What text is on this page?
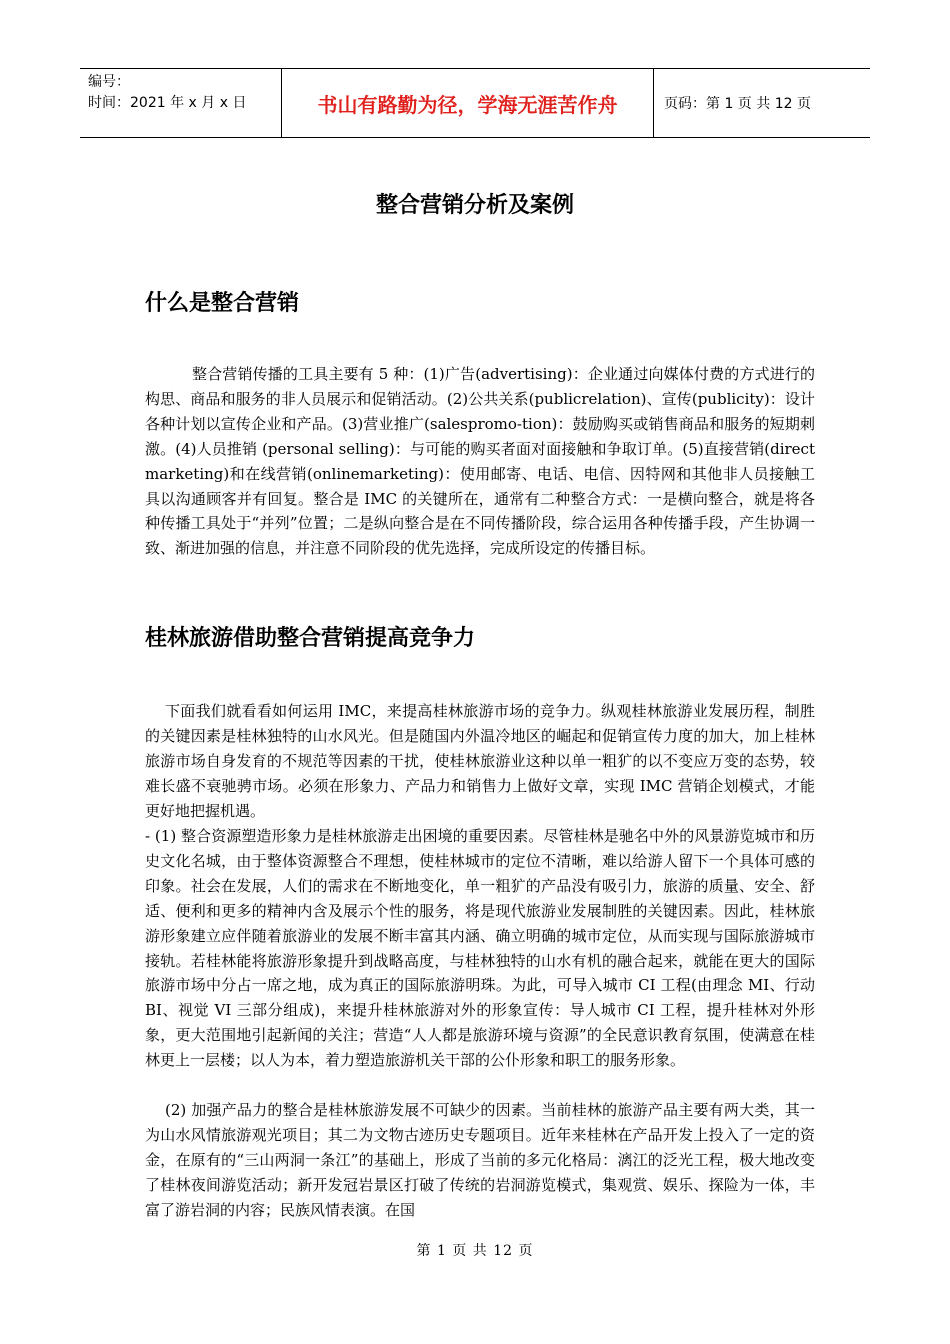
编号：
时间：2021 年 x 月 x 日	书山有路勤为径，学海无涯苦作舟	页码：第 1 页 共 12 页
整合营销分析及案例
什么是整合营销
整合营销传播的工具主要有 5 种：(1)广告(advertising)：企业通过向媒体付费的方式进行的构思、商品和服务的非人员展示和促销活动。(2)公共关系(publicrelation)、宣传(publicity)：设计各种计划以宣传企业和产品。(3)营业推广(salespromo-tion)：鼓励购买或销售商品和服务的短期刺激。(4)人员推销 (personal selling)：与可能的购买者面对面接触和争取订单。(5)直接营销(direct marketing)和在线营销(onlinemarketing)：使用邮寄、电话、电信、因特网和其他非人员接触工具以沟通顾客并有回复。整合是 IMC 的关键所在，通常有二种整合方式：一是横向整合，就是将各种传播工具处于“并列”位置；二是纵向整合是在不同传播阶段，综合运用各种传播手段，产生协调一致、渐进加强的信息，并注意不同阶段的优先选择，完成所设定的传播目标。
桂林旅游借助整合营销提高竞争力
下面我们就看看如何运用 IMC，来提高桂林旅游市场的竞争力。纵观桂林旅游业发展历程，制胜的关键因素是桂林独特的山水风光。但是随国内外温冷地区的崛起和促销宣传力度的加大，加上桂林旅游市场自身发育的不规范等因素的干扰，使桂林旅游业这种以单一粗犷的以不变应万变的态势，较难长盛不衰驰骋市场。必须在形象力、产品力和销售力上做好文章，实现 IMC 营销企划模式，才能更好地把握机遇。
- (1) 整合资源塑造形象力是桂林旅游走出困境的重要因素。尽管桂林是驰名中外的风景游览城市和历史文化名城，由于整体资源整合不理想，使桂林城市的定位不清晰，难以给游人留下一个具体可感的印象。社会在发展，人们的需求在不断地变化，单一粗犷的产品没有吸引力，旅游的质量、安全、舒适、便利和更多的精神内含及展示个性的服务，将是现代旅游业发展制胜的关键因素。因此，桂林旅游形象建立应伴随着旅游业的发展不断丰富其内涵、确立明确的城市定位，从而实现与国际旅游城市接轨。若桂林能将旅游形象提升到战略高度，与桂林独特的山水有机的融合起来，就能在更大的国际旅游市场中分占一席之地，成为真正的国际旅游明珠。为此，可导入城市 CI 工程(由理念 MI、行动 BI、视觉 VI 三部分组成)，来提升桂林旅游对外的形象宣传：导人城市 CI 工程，提升桂林对外形象，更大范围地引起新闻的关注；营造“人人都是旅游环境与资源”的全民意识教育氛围，使满意在桂林更上一层楼；以人为本，着力塑造旅游机关干部的公仆形象和职工的服务形象。
(2) 加强产品力的整合是桂林旅游发展不可缺少的因素。当前桂林的旅游产品主要有两大类，其一为山水风情旅游观光项目；其二为文物古迹历史专题项目。近年来桂林在产品开发上投入了一定的资金，在原有的“三山两洞一条江”的基础上，形成了当前的多元化格局：漓江的泛光工程，极大地改变了桂林夜间游览活动；新开发冠岩景区打破了传统的岩洞游览模式，集观赏、娱乐、探险为一体，丰富了游岩洞的内容；民族风情表演。在国
第 1 页 共 12 页
